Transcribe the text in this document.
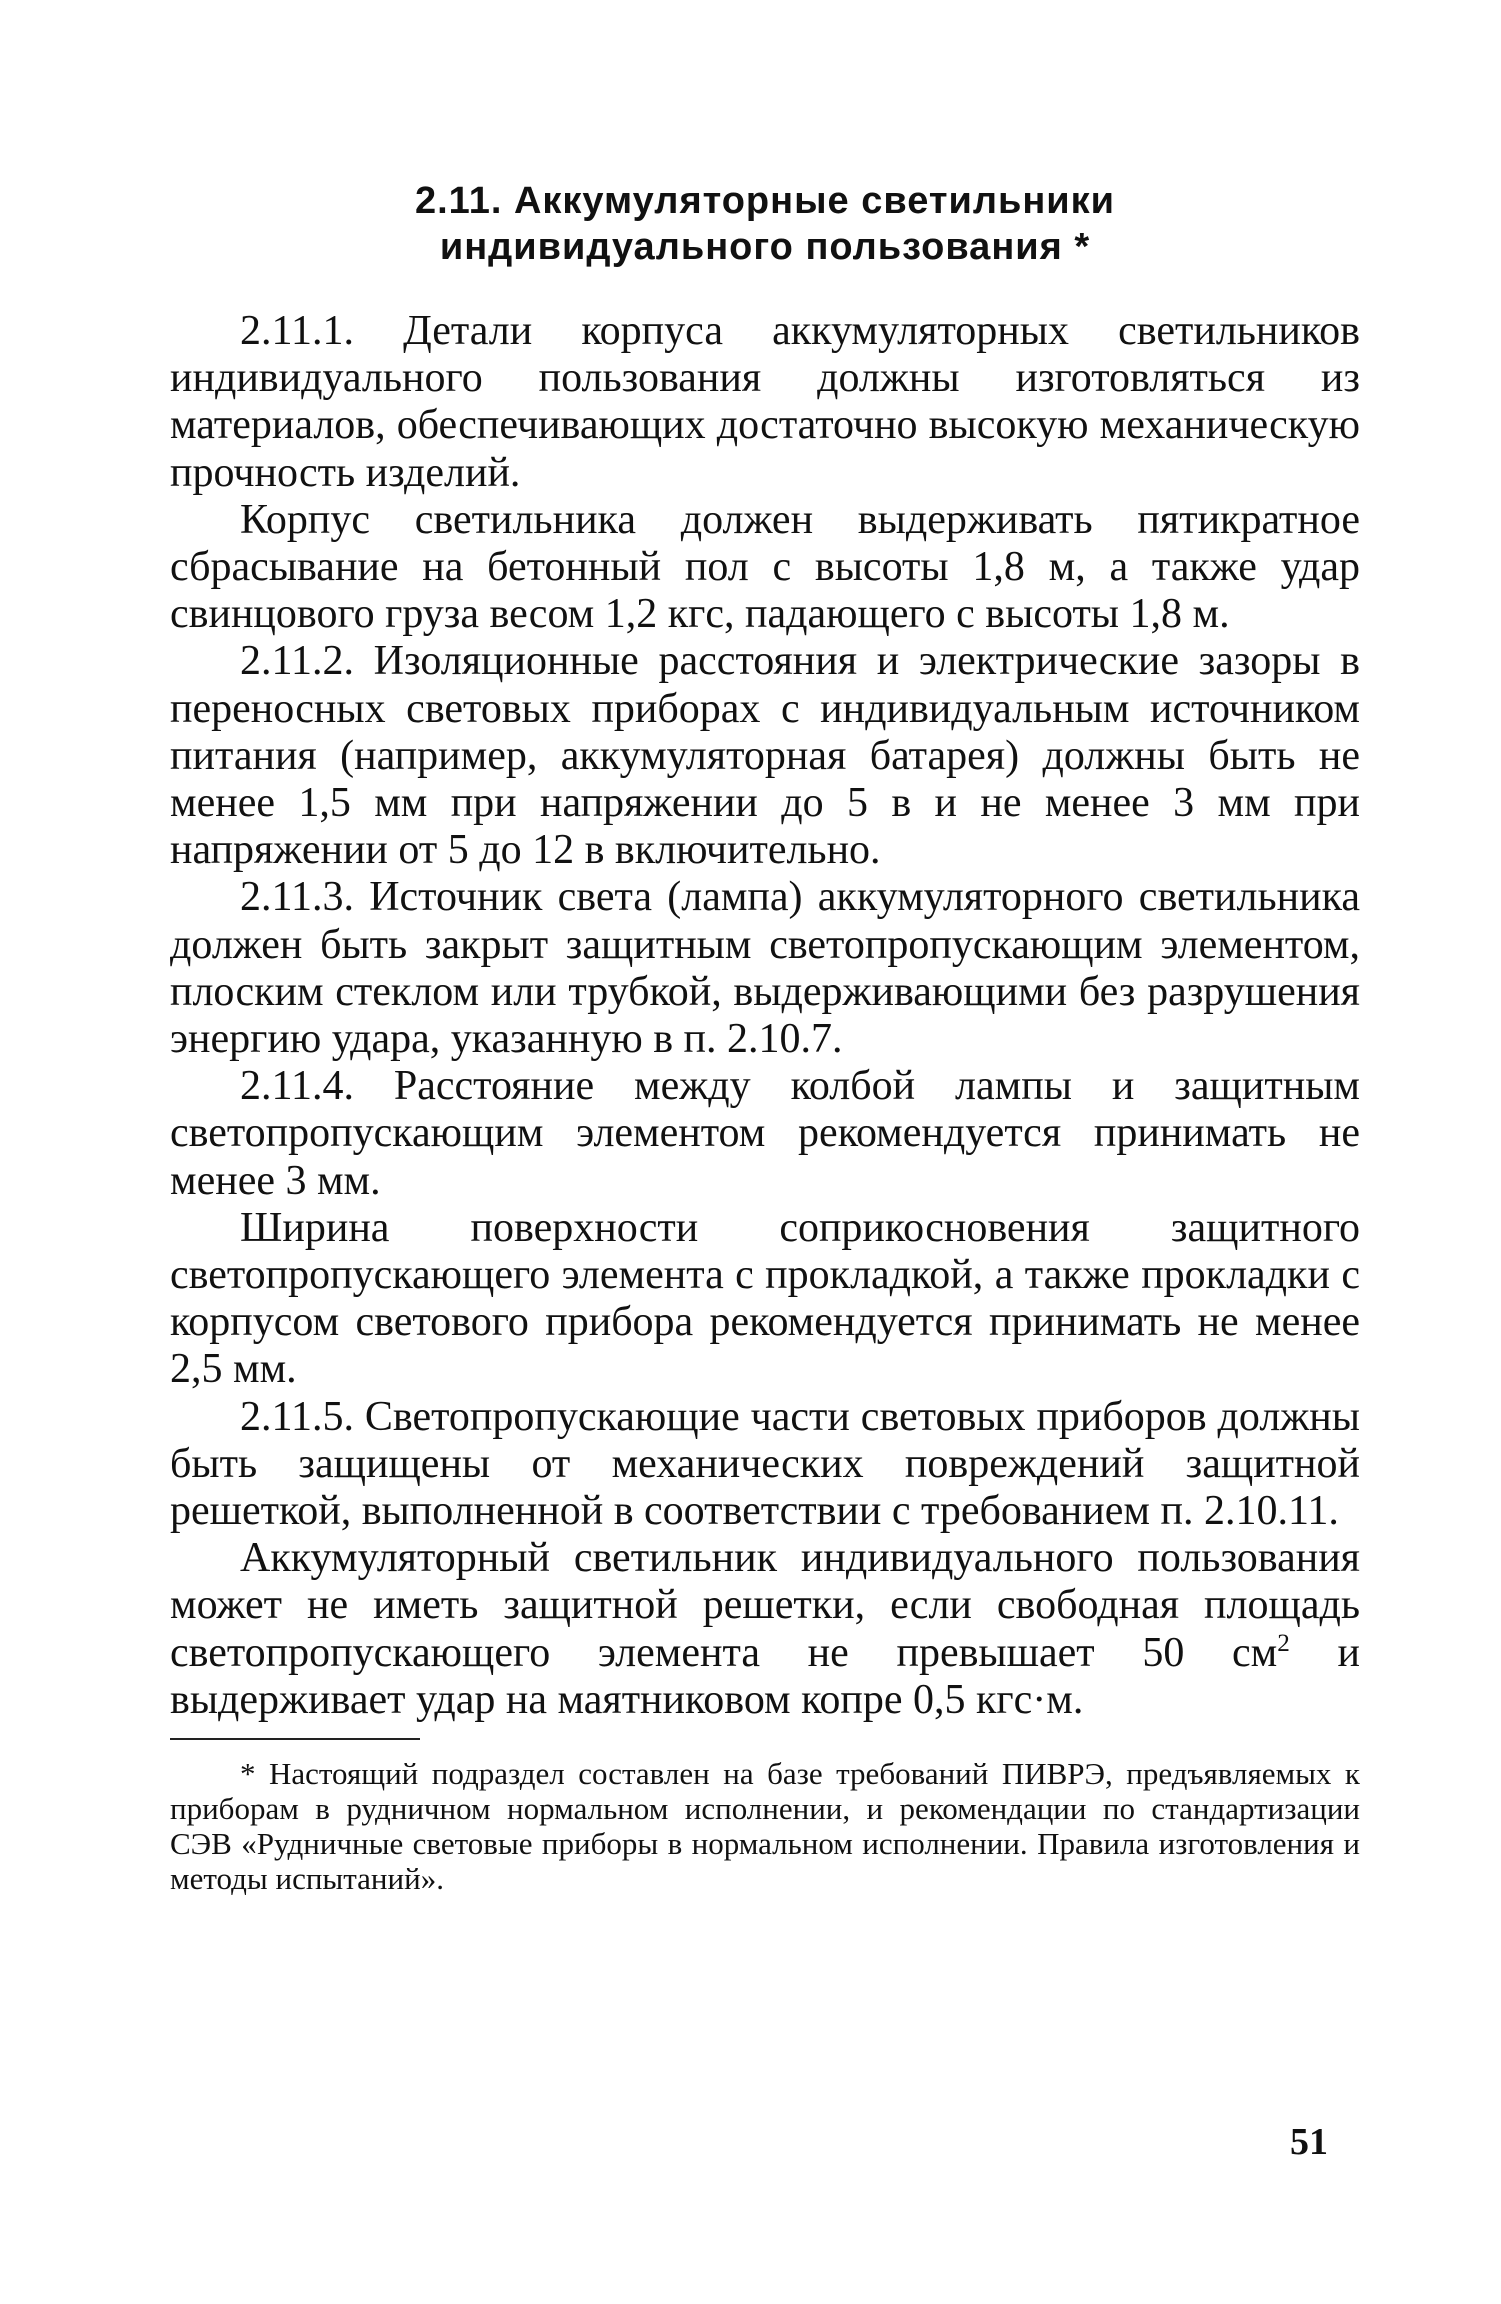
2.11. Аккумуляторные светильники
индивидуального пользования *

2.11.1. Детали корпуса аккумуляторных светильников индивидуального пользования должны изготовляться из материалов, обеспечивающих достаточно высокую механическую прочность изделий.

Корпус светильника должен выдерживать пятикратное сбрасывание на бетонный пол с высоты 1,8 м, а также удар свинцового груза весом 1,2 кгс, падающего с высоты 1,8 м.

2.11.2. Изоляционные расстояния и электрические зазоры в переносных световых приборах с индивидуальным источником питания (например, аккумуляторная батарея) должны быть не менее 1,5 мм при напряжении до 5 в и не менее 3 мм при напряжении от 5 до 12 в включительно.

2.11.3. Источник света (лампа) аккумуляторного светильника должен быть закрыт защитным светопропускающим элементом, плоским стеклом или трубкой, выдерживающими без разрушения энергию удара, указанную в п. 2.10.7.

2.11.4. Расстояние между колбой лампы и защитным светопропускающим элементом рекомендуется принимать не менее 3 мм.

Ширина поверхности соприкосновения защитного светопропускающего элемента с прокладкой, а также прокладки с корпусом светового прибора рекомендуется принимать не менее 2,5 мм.

2.11.5. Светопропускающие части световых приборов должны быть защищены от механических повреждений защитной решеткой, выполненной в соответствии с требованием п. 2.10.11.

Аккумуляторный светильник индивидуального пользования может не иметь защитной решетки, если свободная площадь светопропускающего элемента не превышает 50 $см^2$ и выдерживает удар на маятниковом копре 0,5 кгс·м.

* Настоящий подраздел составлен на базе требований ПИВРЭ, предъявляемых к приборам в рудничном нормальном исполнении, и рекомендации по стандартизации СЭВ «Рудничные световые приборы в нормальном исполнении. Правила изготовления и методы испытаний».

51
